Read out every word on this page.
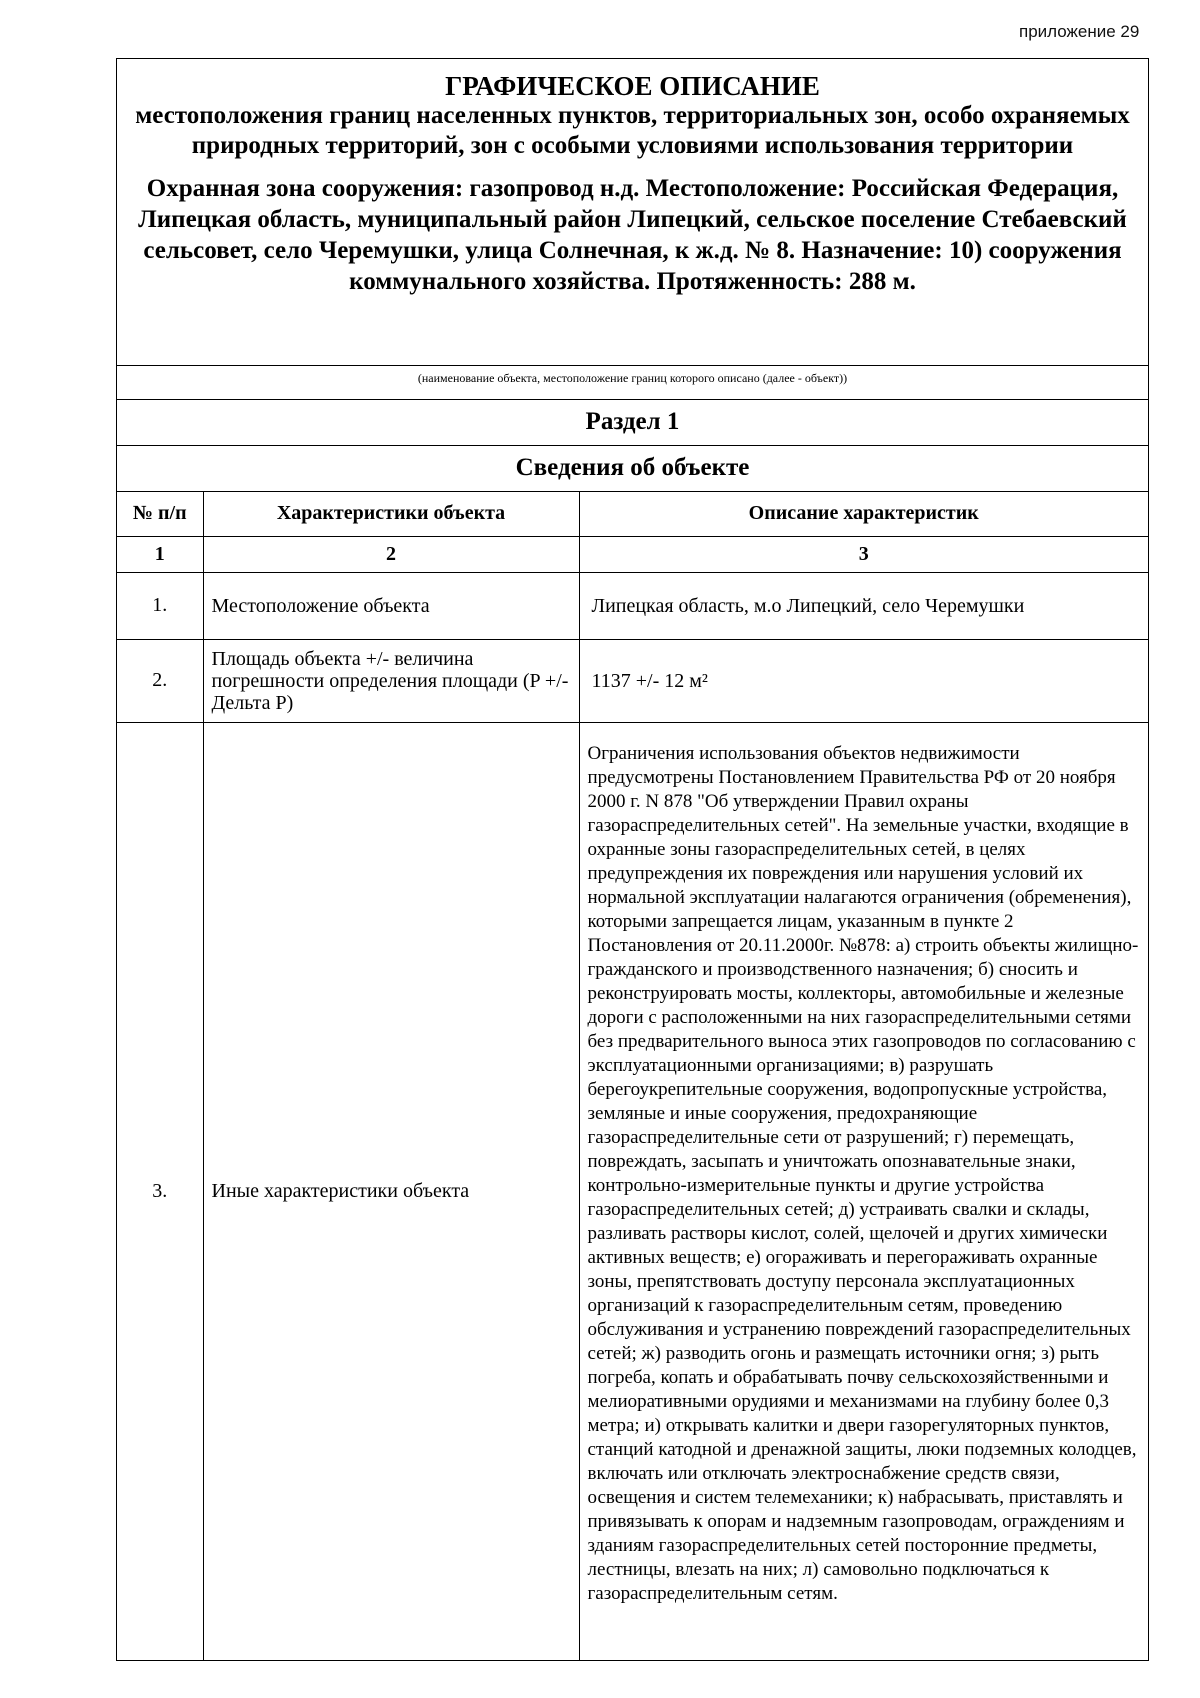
приложение 29
ГРАФИЧЕСКОЕ ОПИСАНИЕ
местоположения границ населенных пунктов, территориальных зон, особо охраняемых природных территорий, зон с особыми условиями использования территории
Охранная зона сооружения: газопровод н.д. Местоположение: Российская Федерация, Липецкая область, муниципальный район Липецкий, сельское поселение Стебаевский сельсовет, село Черемушки, улица Солнечная, к ж.д. № 8. Назначение: 10) сооружения коммунального хозяйства. Протяженность: 288 м.
(наименование объекта, местоположение границ которого описано (далее - объект))
Раздел 1
Сведения об объекте
№ п/п	Характеристики объекта	Описание характеристик
1	2	3
1.	Местоположение объекта	Липецкая область, м.о Липецкий, село Черемушки
2.	Площадь объекта +/- величина погрешности определения площади (P +/- Дельта P)	1137 +/- 12 м²
3.	Иные характеристики объекта	Ограничения использования объектов недвижимости предусмотрены Постановлением Правительства РФ от 20 ноября 2000 г. N 878 "Об утверждении Правил охраны газораспределительных сетей". На земельные участки, входящие в охранные зоны газораспределительных сетей, в целях предупреждения их повреждения или нарушения условий их нормальной эксплуатации налагаются ограничения (обременения), которыми запрещается лицам, указанным в пункте 2 Постановления от 20.11.2000г. №878: а) строить объекты жилищно-гражданского и производственного назначения; б) сносить и реконструировать мосты, коллекторы, автомобильные и железные дороги с расположенными на них газораспределительными сетями без предварительного выноса этих газопроводов по согласованию с эксплуатационными организациями; в) разрушать берегоукрепительные сооружения, водопропускные устройства, земляные и иные сооружения, предохраняющие газораспределительные сети от разрушений; г) перемещать, повреждать, засыпать и уничтожать опознавательные знаки, контрольно-измерительные пункты и другие устройства газораспределительных сетей; д) устраивать свалки и склады, разливать растворы кислот, солей, щелочей и других химически активных веществ; е) огораживать и перегораживать охранные зоны, препятствовать доступу персонала эксплуатационных организаций к газораспределительным сетям, проведению обслуживания и устранению повреждений газораспределительных сетей; ж) разводить огонь и размещать источники огня; з) рыть погреба, копать и обрабатывать почву сельскохозяйственными и мелиоративными орудиями и механизмами на глубину более 0,3 метра; и) открывать калитки и двери газорегуляторных пунктов, станций катодной и дренажной защиты, люки подземных колодцев, включать или отключать электроснабжение средств связи, освещения и систем телемеханики; к) набрасывать, приставлять и привязывать к опорам и надземным газопроводам, ограждениям и зданиям газораспределительных сетей посторонние предметы, лестницы, влезать на них; л) самовольно подключаться к газораспределительным сетям.
